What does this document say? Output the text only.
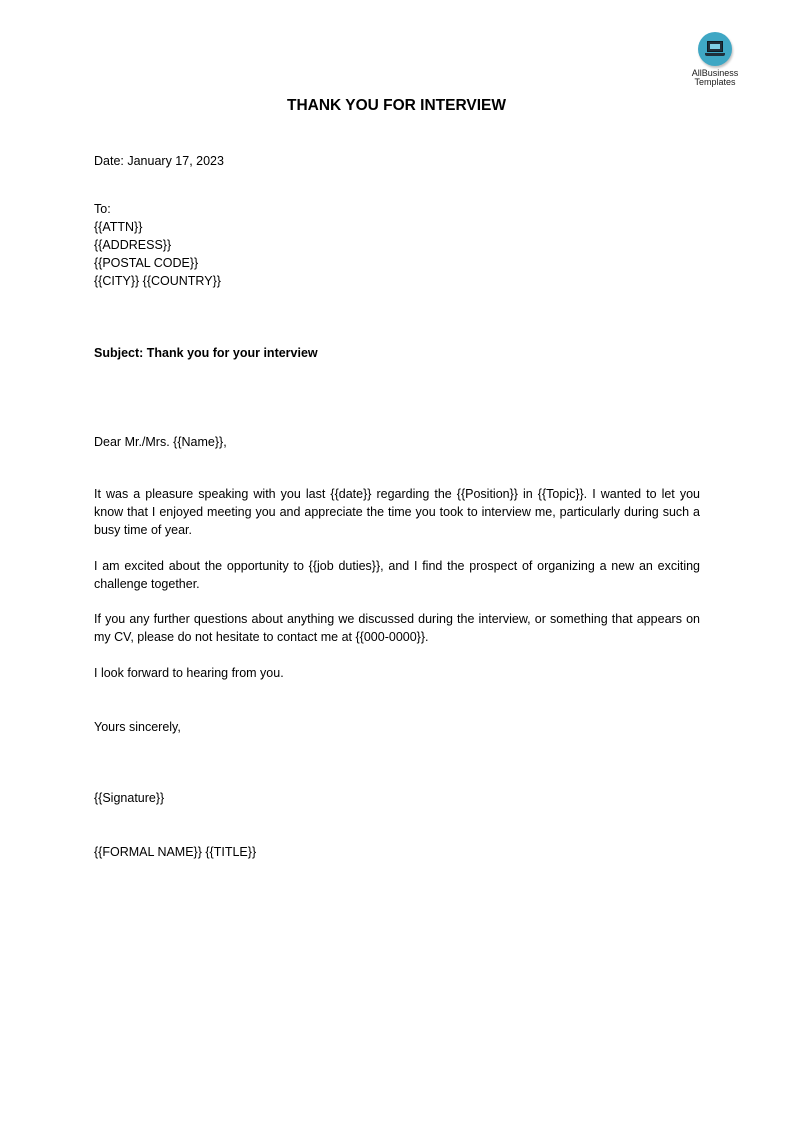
AllBusiness
Templates
THANK YOU FOR INTERVIEW
Date: January 17, 2023
To:
{{ATTN}}
{{ADDRESS}}
{{POSTAL CODE}}
{{CITY}} {{COUNTRY}}
Subject: Thank you for your interview
Dear Mr./Mrs. {{Name}},
It was a pleasure speaking with you last {{date}} regarding the {{Position}} in {{Topic}}. I wanted to let you know that I enjoyed meeting you and appreciate the time you took to interview me, particularly during such a busy time of year.
I am excited about the opportunity to {{job duties}}, and I find the prospect of organizing a new an exciting challenge together.
If you any further questions about anything we discussed during the interview, or something that appears on my CV, please do not hesitate to contact me at {{000-0000}}.
I look forward to hearing from you.
Yours sincerely,
{{Signature}}
{{FORMAL NAME}} {{TITLE}}
